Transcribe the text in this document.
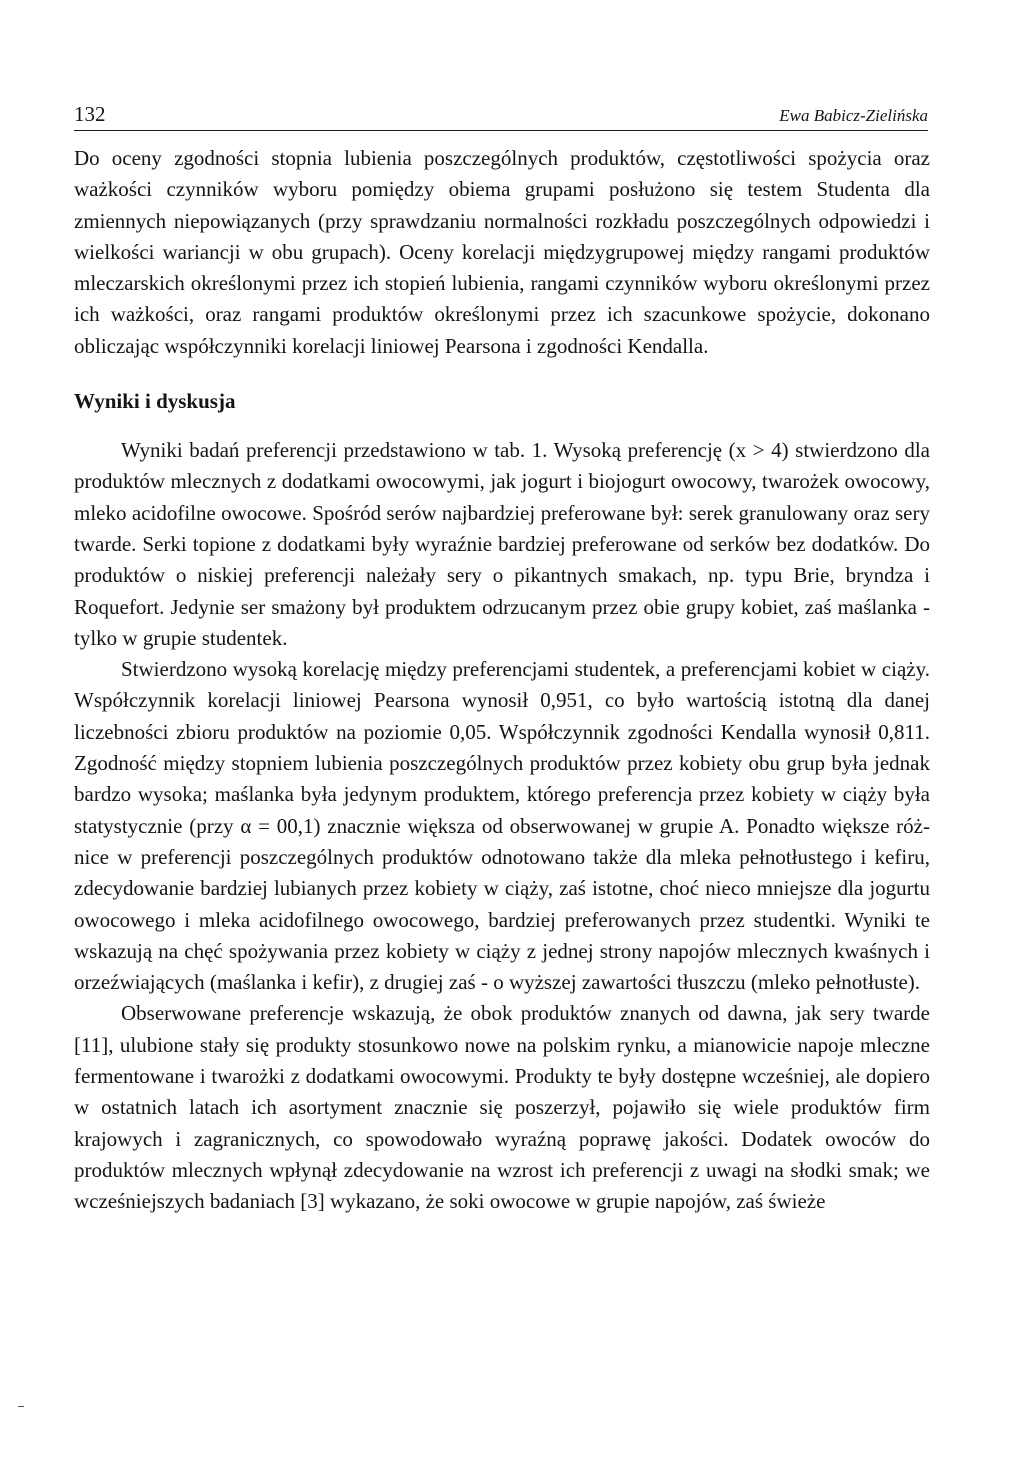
132	Ewa Babicz-Zielińska

Do oceny zgodności stopnia lubienia poszczególnych produktów, częstotliwości spożycia oraz ważkości czynników wyboru pomiędzy obiema grupami posłużono się testem Studenta dla zmiennych niepowiązanych (przy sprawdzaniu normalności rozkładu poszczególnych odpowiedzi i wielkości wariancji w obu grupach). Oceny korelacji międzygrupowej między rangami produktów mleczarskich określonymi przez ich stopień lubienia, rangami czynników wyboru określonymi przez ich ważkości, oraz rangami produktów określonymi przez ich szacunkowe spożycie, dokonano obliczając współczynniki korelacji liniowej Pearsona i zgodności Kendalla.

Wyniki i dyskusja

Wyniki badań preferencji przedstawiono w tab. 1. Wysoką preferencję (x > 4) stwierdzono dla produktów mlecznych z dodatkami owocowymi, jak jogurt i biojogurt owocowy, twarożek owocowy, mleko acidofilne owocowe. Spośród serów najbardziej preferowane był: serek granulowany oraz sery twarde. Serki topione z dodatkami były wyraźnie bardziej preferowane od serków bez dodatków. Do produktów o niskiej preferencji należały sery o pikantnych smakach, np. typu Brie, bryndza i Roquefort. Jedynie ser smażony był produktem odrzucanym przez obie grupy kobiet, zaś maślanka - tylko w grupie studentek.

Stwierdzono wysoką korelację między preferencjami studentek, a preferencjami kobiet w ciąży. Współczynnik korelacji liniowej Pearsona wynosił 0,951, co było wartością istotną dla danej liczebności zbioru produktów na poziomie 0,05. Współczynnik zgodności Kendalla wynosił 0,811. Zgodność między stopniem lubienia poszczególnych produktów przez kobiety obu grup była jednak bardzo wysoka; maślanka była jedynym produktem, którego preferencja przez kobiety w ciąży była statystycznie (przy α = 00,1) znacznie większa od obserwowanej w grupie A. Ponadto większe różnice w preferencji poszczególnych produktów odnotowano także dla mleka pełnotłustego i kefiru, zdecydowanie bardziej lubianych przez kobiety w ciąży, zaś istotne, choć nieco mniejsze dla jogurtu owocowego i mleka acidofilnego owocowego, bardziej preferowanych przez studentki. Wyniki te wskazują na chęć spożywania przez kobiety w ciąży z jednej strony napojów mlecznych kwaśnych i orzeźwiających (maślanka i kefir), z drugiej zaś - o wyższej zawartości tłuszczu (mleko pełnotłuste).

Obserwowane preferencje wskazują, że obok produktów znanych od dawna, jak sery twarde [11], ulubione stały się produkty stosunkowo nowe na polskim rynku, a mianowicie napoje mleczne fermentowane i twarożki z dodatkami owocowymi. Produkty te były dostępne wcześniej, ale dopiero w ostatnich latach ich asortyment znacznie się poszerzył, pojawiło się wiele produktów firm krajowych i zagranicznych, co spowodowało wyraźną poprawę jakości. Dodatek owoców do produktów mlecznych wpłynął zdecydowanie na wzrost ich preferencji z uwagi na słodki smak; we wcześniejszych badaniach [3] wykazano, że soki owocowe w grupie napojów, zaś świeże
